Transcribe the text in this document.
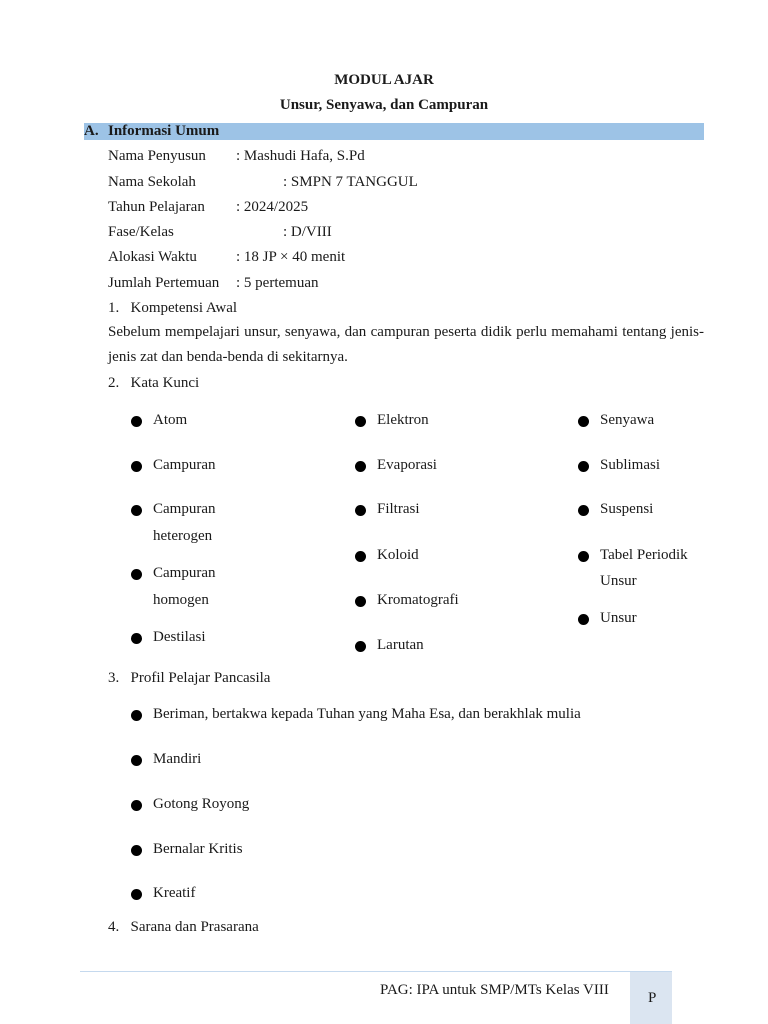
MODUL AJAR
Unsur, Senyawa, dan Campuran
A. Informasi Umum
Nama Penyusun : Mashudi Hafa, S.Pd
Nama Sekolah	: SMPN 7 TANGGUL
Tahun Pelajaran : 2024/2025
Fase/Kelas	: D/VIII
Alokasi Waktu	: 18 JP × 40 menit
Jumlah Pertemuan : 5 pertemuan
1.   Kompetensi Awal
Sebelum mempelajari unsur, senyawa, dan campuran peserta didik perlu memahami tentang jenis-jenis zat dan benda-benda di sekitarnya.
2.   Kata Kunci
Atom
Campuran
Campuran
heterogen
Campuran
homogen
Destilasi
Elektron
Evaporasi
Filtrasi
Koloid
Kromatografi
Larutan
Senyawa
Sublimasi
Suspensi
Tabel Periodik
Unsur
Unsur
3.   Profil Pelajar Pancasila
Beriman, bertakwa kepada Tuhan yang Maha Esa, dan berakhlak mulia
Mandiri
Gotong Royong
Bernalar Kritis
Kreatif
4.   Sarana dan Prasarana
PAG: IPA untuk SMP/MTs Kelas VIII	P
